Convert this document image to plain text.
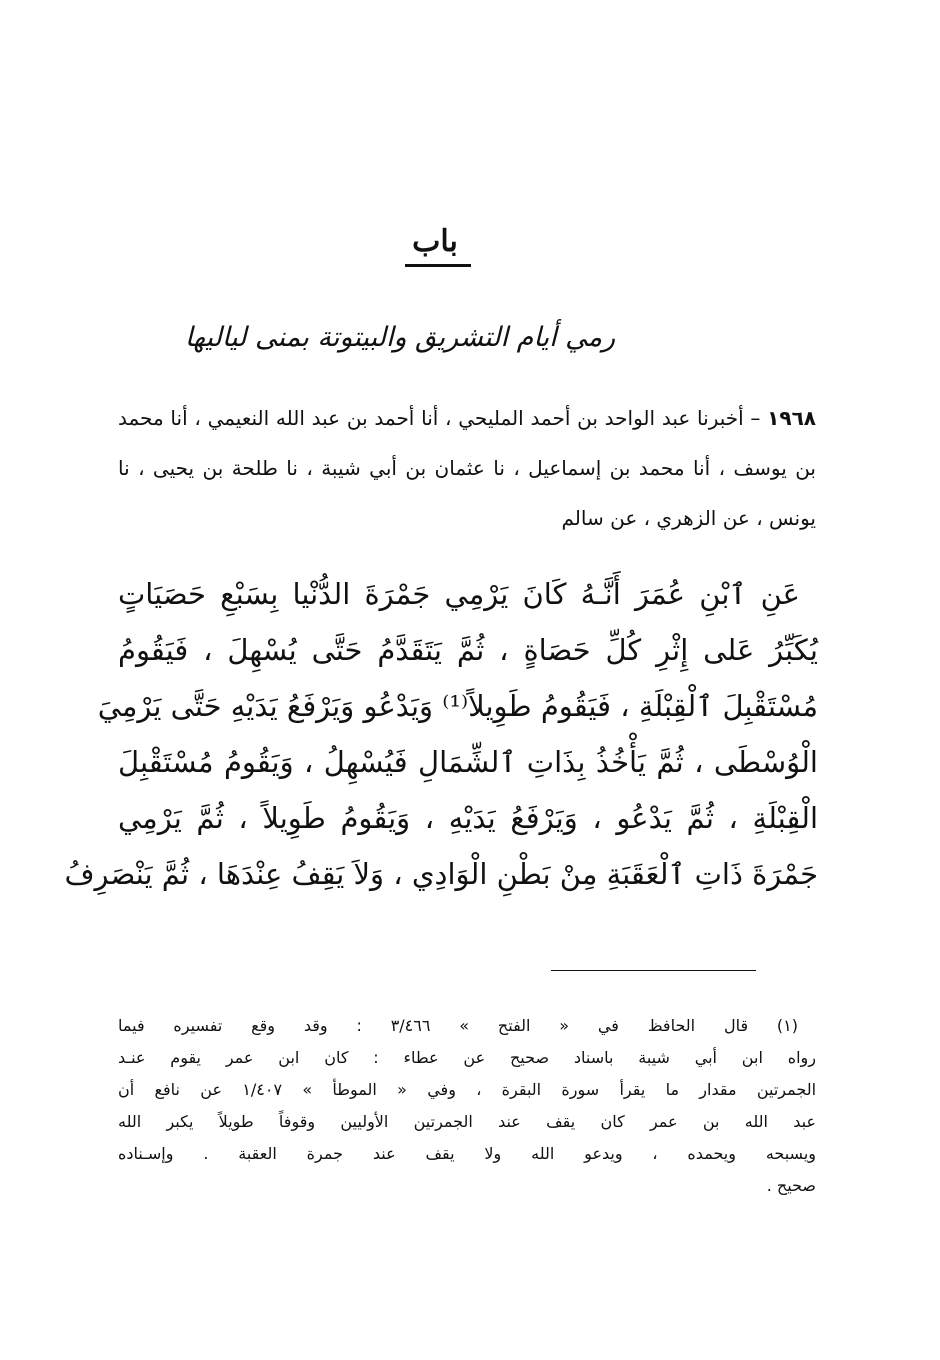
باب
رمي أيام التشريق والبيتوتة بمنى لياليها
١٩٦٨ – أخبرنا عبد الواحد بن أحمد المليحي ، أنا أحمد بن عبد الله النعيمي ، أنا محمد بن يوسف ، أنا محمد بن إسماعيل ، نا عثمان بن أبي شيبة ، نا طلحة بن يحيى ، نا يونس ، عن الزهري ، عن سالم
عَنِ ٱبْنِ عُمَرَ أَنَّـهُ كَانَ يَرْمِي جَمْرَةَ الدُّنْيا بِسَبْعِ حَصَيَاتٍ
يُكَبِّرُ عَلى إِثْرِ كُلِّ حَصَاةٍ ، ثُمَّ يَتَقَدَّمُ حَتَّى يُسْهِلَ ، فَيَقُومُ
مُسْتَقْبِلَ ٱلْقِبْلَةِ ، فَيَقُومُ طَوِيلاً⁽¹⁾ وَيَدْعُو وَيَرْفَعُ يَدَيْهِ حَتَّى يَرْمِيَ
الْوُسْطَى ، ثُمَّ يَأْخُذُ بِذَاتِ ٱلشِّمَالِ فَيُسْهِلُ ، وَيَقُومُ مُسْتَقْبِلَ
الْقِبْلَةِ ، ثُمَّ يَدْعُو ، وَيَرْفَعُ يَدَيْهِ ، وَيَقُومُ طَوِيلاً ، ثُمَّ يَرْمِي
جَمْرَةَ ذَاتِ ٱلْعَقَبَةِ مِنْ بَطْنِ الْوَادِي ، وَلاَ يَقِفُ عِنْدَهَا ، ثُمَّ يَنْصَرِفُ
(١) قال الحافظ في « الفتح » ٣/٤٦٦ : وقد وقع تفسيره فيما
رواه ابن أبي شيبة باسناد صحيح عن عطاء : كان ابن عمر يقوم عنـد
الجمرتين مقدار ما يقرأ سورة البقرة ، وفي « الموطأ » ١/٤٠٧ عن نافع أن
عبد الله بن عمر كان يقف عند الجمرتين الأوليين وقوفاً طويلاً يكبر الله
ويسبحه ويحمده ، ويدعو الله ولا يقف عند جمرة العقبة . وإسـناده
صحيح .
